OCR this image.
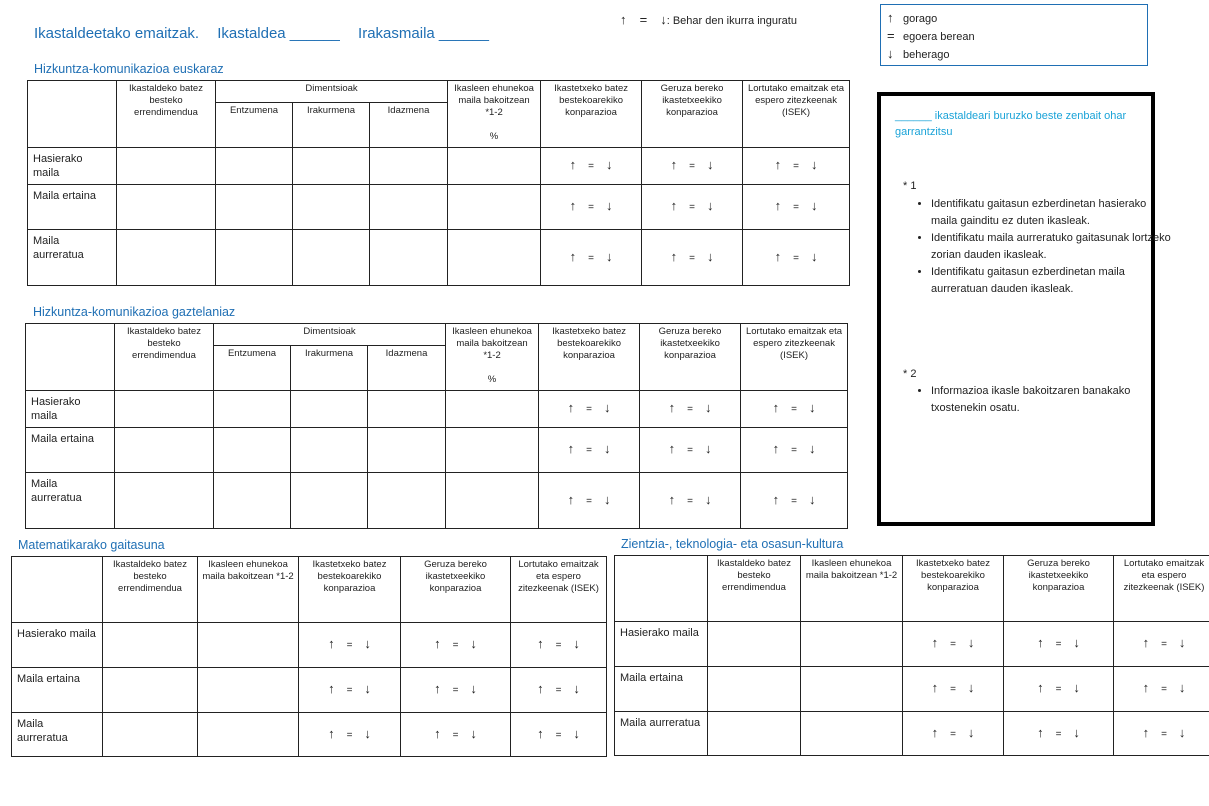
Ikastaldeetako emaitzak. Ikastaldea ______ Irakasmaila ______
↑ = ↓: Behar den ikurra inguratu	↑ gorago
= egoera berean
↓ beherago
Hizkuntza-komunikazioa euskaraz
Hizkuntza-komunikazioa gaztelaniaz
Matematikarako gaitasuna	Zientzia-, teknologia- eta osasun-kultura
	Ikastaldeko batez besteko errendimendua	Dimentsioak			Ikasleen ehunekoa maila bakoitzean *1-2

%	Ikastetxeko batez bestekoarekiko konparazioa	Geruza bereko ikastetxeekiko konparazioa	Lortutako emaitzak eta espero zitezkeenak (ISEK)
		Entzumena	Irakurmena	Idazmena				
Hasierako maila						↑ = ↓	↑ = ↓	↑ = ↓
Maila ertaina						↑ = ↓	↑ = ↓	↑ = ↓
Maila aurreratua						↑ = ↓	↑ = ↓	↑ = ↓
	Ikastaldeko batez besteko errendimendua	Dimentsioak			Ikasleen ehunekoa maila bakoitzean *1-2

%	Ikastetxeko batez bestekoarekiko konparazioa	Geruza bereko ikastetxeekiko konparazioa	Lortutako emaitzak eta espero zitezkeenak (ISEK)
		Entzumena	Irakurmena	Idazmena				
Hasierako maila						↑ = ↓	↑ = ↓	↑ = ↓
Maila ertaina						↑ = ↓	↑ = ↓	↑ = ↓
Maila aurreratua						↑ = ↓	↑ = ↓	↑ = ↓
	Ikastaldeko batez besteko errendimendua	Ikasleen ehunekoa maila bakoitzean *1-2	Ikastetxeko batez bestekoarekiko konparazioa	Geruza bereko ikastetxeekiko konparazioa	Lortutako emaitzak eta espero zitezkeenak (ISEK)
Hasierako maila			↑ = ↓	↑ = ↓	↑ = ↓
Maila ertaina			↑ = ↓	↑ = ↓	↑ = ↓
Maila aurreratua			↑ = ↓	↑ = ↓	↑ = ↓
	Ikastaldeko batez besteko errendimendua	Ikasleen ehunekoa maila bakoitzean *1-2	Ikastetxeko batez bestekoarekiko konparazioa	Geruza bereko ikastetxeekiko konparazioa	Lortutako emaitzak eta espero zitezkeenak (ISEK)
Hasierako maila			↑ = ↓	↑ = ↓	↑ = ↓
Maila ertaina			↑ = ↓	↑ = ↓	↑ = ↓
Maila aurreratua			↑ = ↓	↑ = ↓	↑ = ↓
______ ikastaldeari buruzko beste zenbait ohar garrantzitsu
* 1
• Identifikatu gaitasun ezberdinetan hasierako maila gainditu ez duten ikasleak.
• Identifikatu maila aurreratuko gaitasunak lortzeko zorian dauden ikasleak.
• Identifikatu gaitasun ezberdinetan maila aurreratuan dauden ikasleak.
* 2
• Informazioa ikasle bakoitzaren banakako txostenekin osatu.
